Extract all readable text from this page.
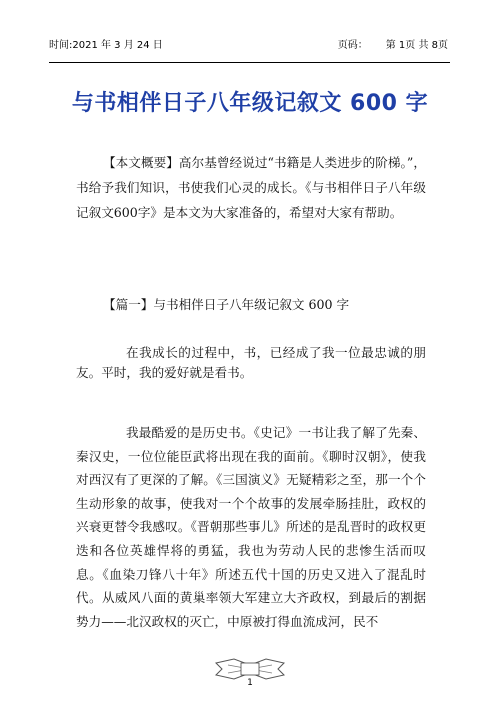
时间:2021 年 3 月 24 日	页码： 第 1页 共 8页
与书相伴日子八年级记叙文 600 字

【本文概要】高尔基曾经说过“书籍是人类进步的阶梯。”，书给予我们知识，书使我们心灵的成长。《与书相伴日子八年级记叙文600字》是本文为大家准备的，希望对大家有帮助。

【篇一】与书相伴日子八年级记叙文 600 字

在我成长的过程中，书，已经成了我一位最忠诚的朋友。平时，我的爱好就是看书。

我最酷爱的是历史书。《史记》一书让我了解了先秦、秦汉史，一位位能臣武将出现在我的面前。《聊时汉朝》，使我对西汉有了更深的了解。《三国演义》无疑精彩之至，那一个个生动形象的故事，使我对一个个故事的发展牵肠挂肚，政权的兴衰更替令我感叹。《晋朝那些事儿》所述的是乱晋时的政权更迭和各位英雄悍将的勇猛，我也为劳动人民的悲惨生活而叹息。《血染刀锋八十年》所述五代十国的历史又进入了混乱时代。从威风八面的黄巢率领大军建立大齐政权，到最后的割据势力——北汉政权的灭亡，中原被打得血流成河，民不

1
